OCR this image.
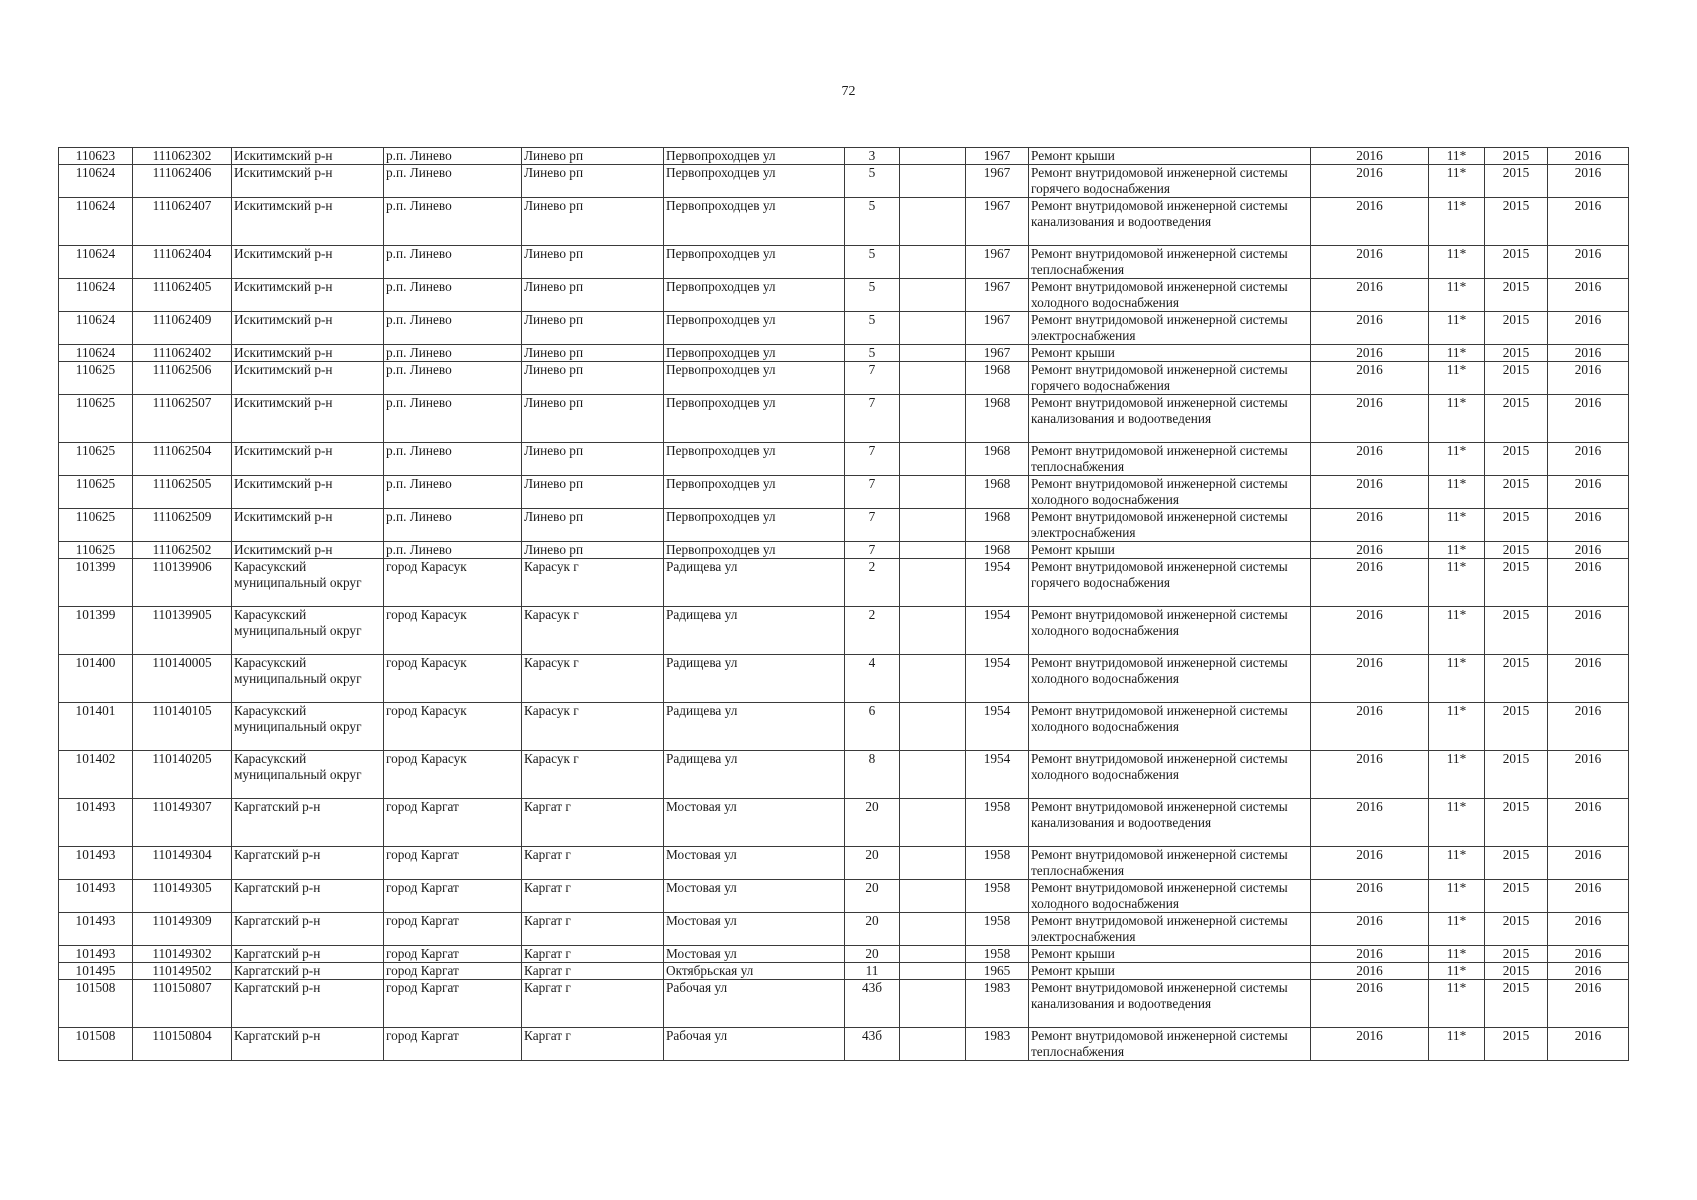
72
110623	111062302	Искитимский р-н	р.п. Линево	Линево рп	Первопроходцев ул	3		1967	Ремонт крыши	2016	11*	2015	2016
110624	111062406	Искитимский р-н	р.п. Линево	Линево рп	Первопроходцев ул	5		1967	Ремонт внутридомовой инженерной системы горячего водоснабжения	2016	11*	2015	2016
110624	111062407	Искитимский р-н	р.п. Линево	Линево рп	Первопроходцев ул	5		1967	Ремонт внутридомовой инженерной системы канализования и водоотведения	2016	11*	2015	2016
110624	111062404	Искитимский р-н	р.п. Линево	Линево рп	Первопроходцев ул	5		1967	Ремонт внутридомовой инженерной системы теплоснабжения	2016	11*	2015	2016
110624	111062405	Искитимский р-н	р.п. Линево	Линево рп	Первопроходцев ул	5		1967	Ремонт внутридомовой инженерной системы холодного водоснабжения	2016	11*	2015	2016
110624	111062409	Искитимский р-н	р.п. Линево	Линево рп	Первопроходцев ул	5		1967	Ремонт внутридомовой инженерной системы электроснабжения	2016	11*	2015	2016
110624	111062402	Искитимский р-н	р.п. Линево	Линево рп	Первопроходцев ул	5		1967	Ремонт крыши	2016	11*	2015	2016
110625	111062506	Искитимский р-н	р.п. Линево	Линево рп	Первопроходцев ул	7		1968	Ремонт внутридомовой инженерной системы горячего водоснабжения	2016	11*	2015	2016
110625	111062507	Искитимский р-н	р.п. Линево	Линево рп	Первопроходцев ул	7		1968	Ремонт внутридомовой инженерной системы канализования и водоотведения	2016	11*	2015	2016
110625	111062504	Искитимский р-н	р.п. Линево	Линево рп	Первопроходцев ул	7		1968	Ремонт внутридомовой инженерной системы теплоснабжения	2016	11*	2015	2016
110625	111062505	Искитимский р-н	р.п. Линево	Линево рп	Первопроходцев ул	7		1968	Ремонт внутридомовой инженерной системы холодного водоснабжения	2016	11*	2015	2016
110625	111062509	Искитимский р-н	р.п. Линево	Линево рп	Первопроходцев ул	7		1968	Ремонт внутридомовой инженерной системы электроснабжения	2016	11*	2015	2016
110625	111062502	Искитимский р-н	р.п. Линево	Линево рп	Первопроходцев ул	7		1968	Ремонт крыши	2016	11*	2015	2016
101399	110139906	Карасукский муниципальный округ	город Карасук	Карасук г	Радищева ул	2		1954	Ремонт внутридомовой инженерной системы горячего водоснабжения	2016	11*	2015	2016
101399	110139905	Карасукский муниципальный округ	город Карасук	Карасук г	Радищева ул	2		1954	Ремонт внутридомовой инженерной системы холодного водоснабжения	2016	11*	2015	2016
101400	110140005	Карасукский муниципальный округ	город Карасук	Карасук г	Радищева ул	4		1954	Ремонт внутридомовой инженерной системы холодного водоснабжения	2016	11*	2015	2016
101401	110140105	Карасукский муниципальный округ	город Карасук	Карасук г	Радищева ул	6		1954	Ремонт внутридомовой инженерной системы холодного водоснабжения	2016	11*	2015	2016
101402	110140205	Карасукский муниципальный округ	город Карасук	Карасук г	Радищева ул	8		1954	Ремонт внутридомовой инженерной системы холодного водоснабжения	2016	11*	2015	2016
101493	110149307	Каргатский р-н	город Каргат	Каргат г	Мостовая ул	20		1958	Ремонт внутридомовой инженерной системы канализования и водоотведения	2016	11*	2015	2016
101493	110149304	Каргатский р-н	город Каргат	Каргат г	Мостовая ул	20		1958	Ремонт внутридомовой инженерной системы теплоснабжения	2016	11*	2015	2016
101493	110149305	Каргатский р-н	город Каргат	Каргат г	Мостовая ул	20		1958	Ремонт внутридомовой инженерной системы холодного водоснабжения	2016	11*	2015	2016
101493	110149309	Каргатский р-н	город Каргат	Каргат г	Мостовая ул	20		1958	Ремонт внутридомовой инженерной системы электроснабжения	2016	11*	2015	2016
101493	110149302	Каргатский р-н	город Каргат	Каргат г	Мостовая ул	20		1958	Ремонт крыши	2016	11*	2015	2016
101495	110149502	Каргатский р-н	город Каргат	Каргат г	Октябрьская ул	11		1965	Ремонт крыши	2016	11*	2015	2016
101508	110150807	Каргатский р-н	город Каргат	Каргат г	Рабочая ул	43б		1983	Ремонт внутридомовой инженерной системы канализования и водоотведения	2016	11*	2015	2016
101508	110150804	Каргатский р-н	город Каргат	Каргат г	Рабочая ул	43б		1983	Ремонт внутридомовой инженерной системы теплоснабжения	2016	11*	2015	2016
